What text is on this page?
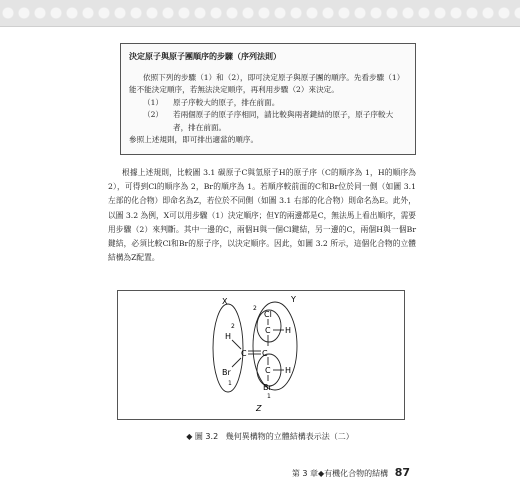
決定原子與原子團順序的步驟（序列法則）

依照下列的步驟（1）和（2），即可決定原子與原子團的順序。先看步驟（1）能不能決定順序，若無法決定順序，再利用步驟（2）來決定。

（1）	原子序較大的原子，排在前面。
（2）	若兩個原子的原子序相同，請比較與兩者鍵結的原子，原子序較大者，排在前面。

參照上述規則，即可排出適當的順序。

根據上述規則，比較圖 3.1 碳原子C與氫原子H的原子序（C的順序為 1，H的順序為 2），可得到Cl的順序為 2，Br的順序為 1。若順序較前面的C和Br位於同一側（如圖 3.1 左部的化合物）即命名為Z，若位於不同側（如圖 3.1 右部的化合物）則命名為E。此外，以圖 3.2 為例，X可以用步驟（1）決定順序；但Y的兩邊都是C，無法馬上看出順序，需要用步驟（2）來判斷。其中一邊的C，兩個H與一個Cl鍵結，另一邊的C，兩個H與一個Br鍵結，必須比較Cl和Br的原子序，以決定順序。因此，如圖 3.2 所示，這個化合物的立體結構為Z配置。

X	Y
Z
2
H
C
Br
1
C
Cl
C H
2
C H
Br
1
◆ 圖 3.2 幾何異構物的立體結構表示法（二）
第 3 章◆有機化合物的結構 87
